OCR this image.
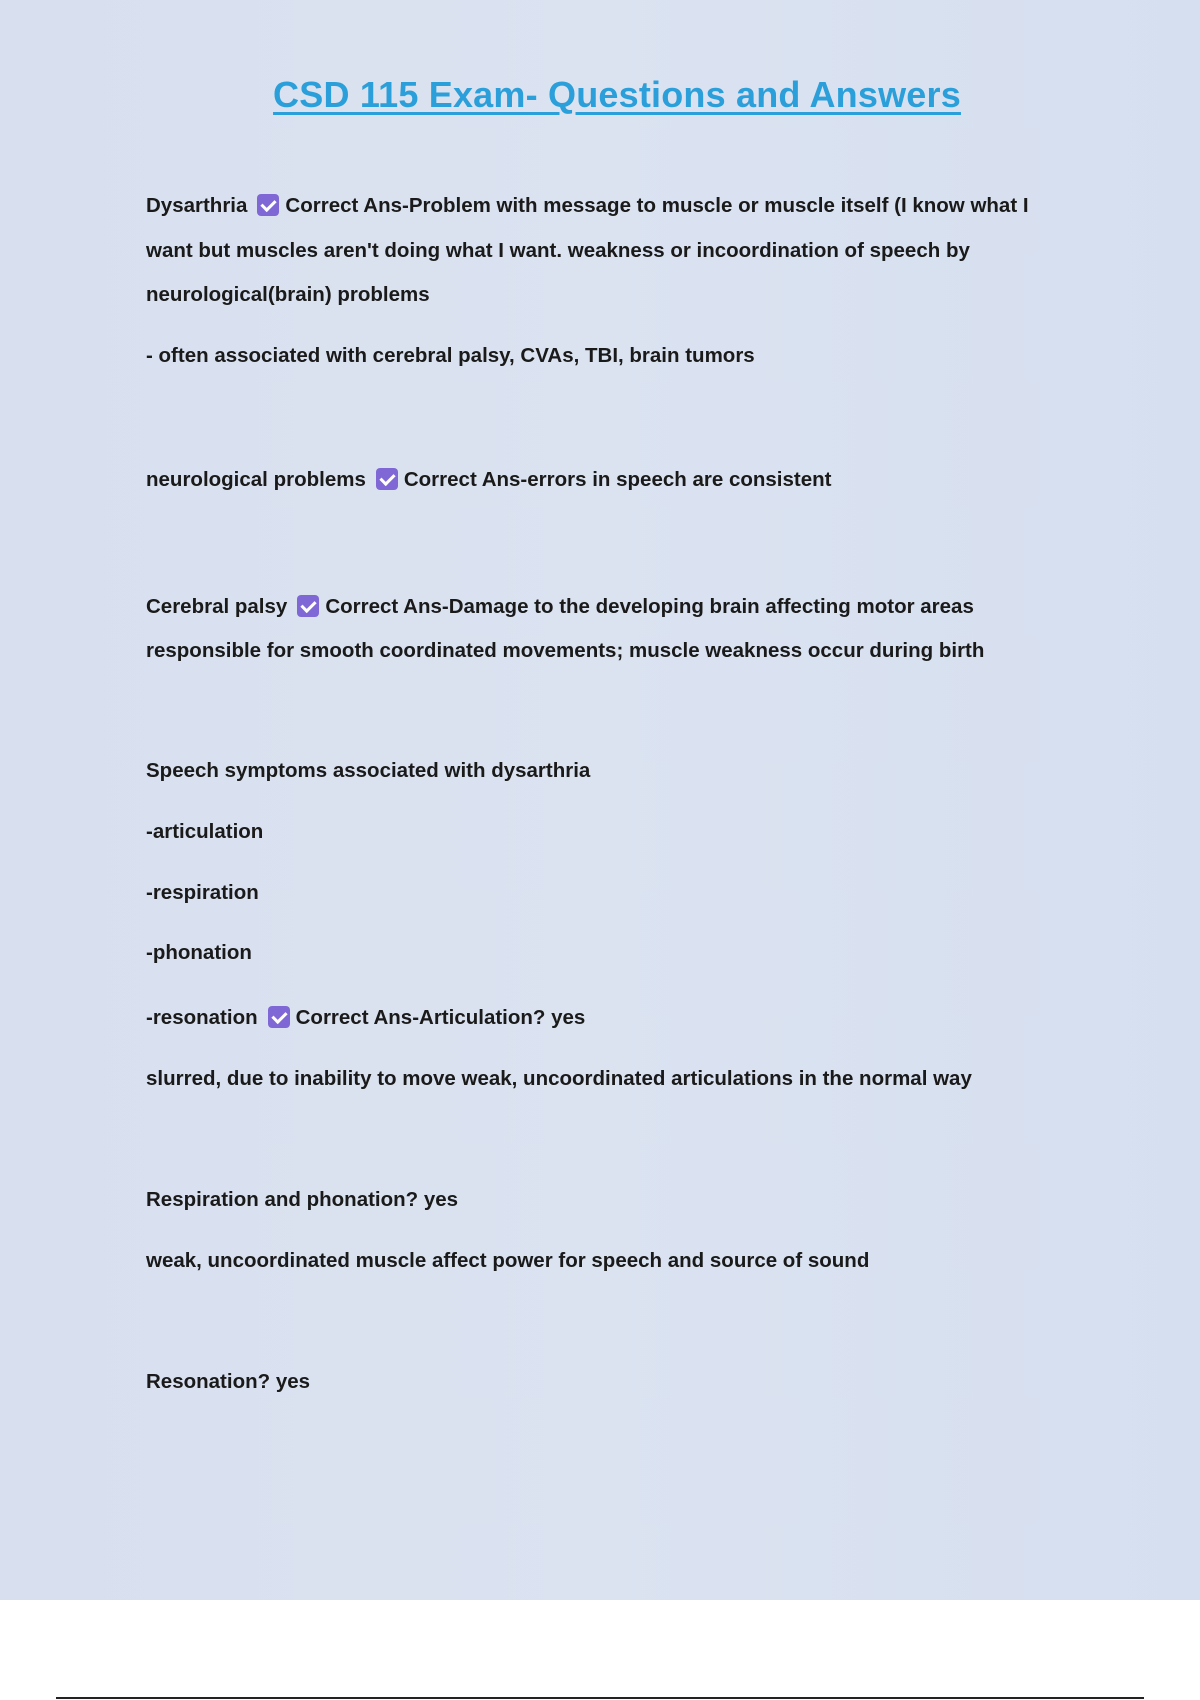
CSD 115 Exam- Questions and Answers
Dysarthria Correct Ans-Problem with message to muscle or muscle itself (I know what I
want but muscles aren't doing what I want. weakness or incoordination of speech by
neurological(brain) problems
- often associated with cerebral palsy, CVAs, TBI, brain tumors
neurological problems Correct Ans-errors in speech are consistent
Cerebral palsy Correct Ans-Damage to the developing brain affecting motor areas
responsible for smooth coordinated movements; muscle weakness occur during birth
Speech symptoms associated with dysarthria
-articulation
-respiration
-phonation
-resonation Correct Ans-Articulation? yes
slurred, due to inability to move weak, uncoordinated articulations in the normal way
Respiration and phonation? yes
weak, uncoordinated muscle affect power for speech and source of sound
Resonation? yes
